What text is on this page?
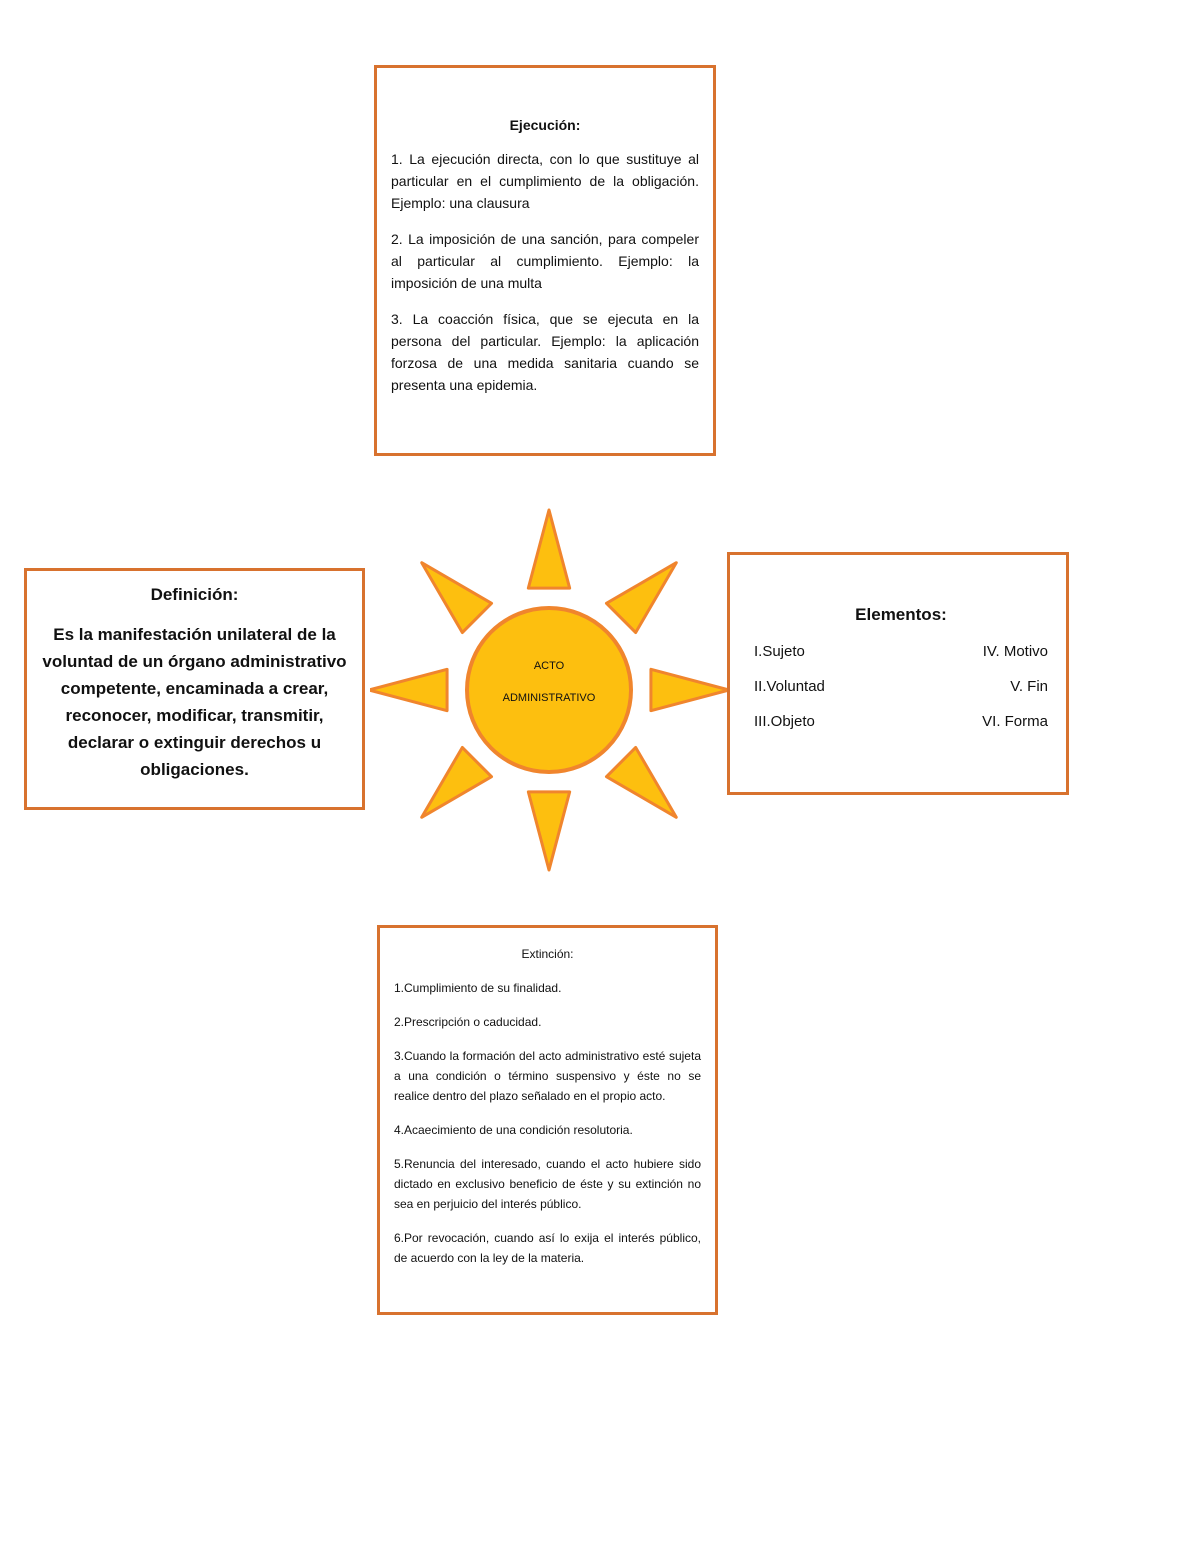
Ejecución:

1. La ejecución directa, con lo que sustituye al particular en el cumplimiento de la obligación. Ejemplo: una clausura

2. La imposición de una sanción, para compeler al particular al cumplimiento. Ejemplo: la imposición de una multa

3. La coacción física, que se ejecuta en la persona del particular. Ejemplo: la aplicación forzosa de una medida sanitaria cuando se presenta una epidemia.

Definición:
Es la manifestación unilateral de la voluntad de un órgano administrativo competente, encaminada a crear, reconocer, modificar, transmitir, declarar o extinguir derechos u obligaciones.
ACTO
ADMINISTRATIVO
Elementos:
I.Sujeto	IV. Motivo
II.Voluntad	V. Fin
III.Objeto	VI. Forma
Extinción:

1.Cumplimiento de su finalidad.

2.Prescripción o caducidad.

3.Cuando la formación del acto administrativo esté sujeta a una condición o término suspensivo y éste no se realice dentro del plazo señalado en el propio acto.

4.Acaecimiento de una condición resolutoria.

5.Renuncia del interesado, cuando el acto hubiere sido dictado en exclusivo beneficio de éste y su extinción no sea en perjuicio del interés público.

6.Por revocación, cuando así lo exija el interés público, de acuerdo con la ley de la materia.
